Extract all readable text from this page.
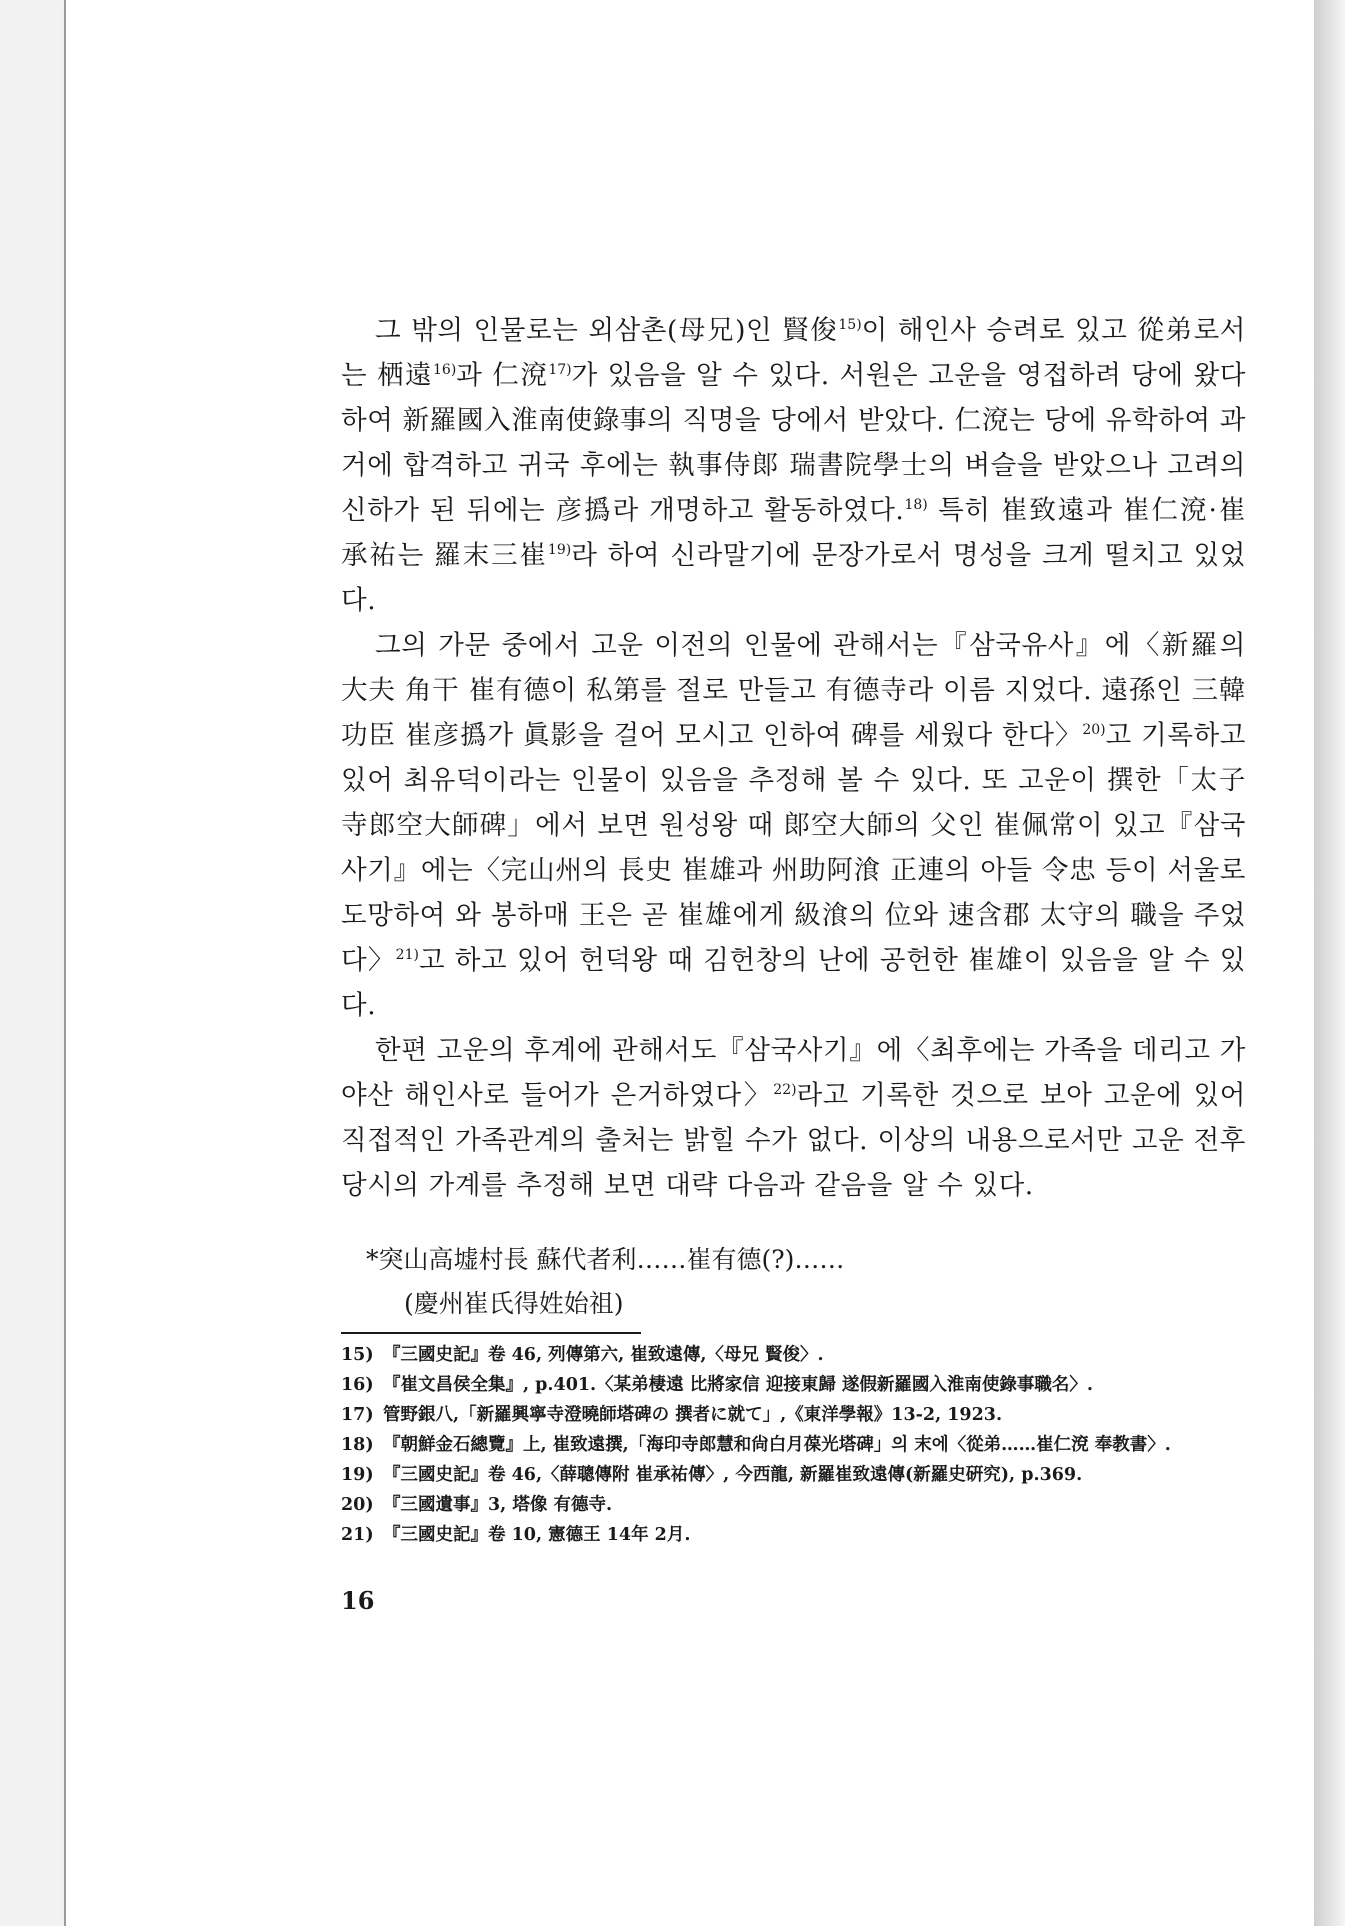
그 밖의 인물로는 외삼촌(母兄)인 賢俊$^{15)}$이 해인사 승려로 있고 從弟로서는 栖遠$^{16)}$과 仁渷$^{17)}$가 있음을 알 수 있다. 서원은 고운을 영접하려 당에 왔다 하여 新羅國入淮南使錄事의 직명을 당에서 받았다. 仁渷는 당에 유학하여 과거에 합격하고 귀국 후에는 執事侍郞 瑞書院學士의 벼슬을 받았으나 고려의 신하가 된 뒤에는 彦撝라 개명하고 활동하였다.$^{18)}$ 특히 崔致遠과 崔仁渷·崔承祐는 羅末三崔$^{19)}$라 하여 신라말기에 문장가로서 명성을 크게 떨치고 있었다.

그의 가문 중에서 고운 이전의 인물에 관해서는『삼국유사』에〈新羅의 大夫 角干 崔有德이 私第를 절로 만들고 有德寺라 이름 지었다. 遠孫인 三韓功臣 崔彦撝가 眞影을 걸어 모시고 인하여 碑를 세웠다 한다〉$^{20)}$고 기록하고 있어 최유덕이라는 인물이 있음을 추정해 볼 수 있다. 또 고운이 撰한「太子寺郎空大師碑」에서 보면 원성왕 때 郞空大師의 父인 崔佩常이 있고『삼국사기』에는〈完山州의 長史 崔雄과 州助阿湌 正連의 아들 令忠 등이 서울로 도망하여 와 봉하매 王은 곧 崔雄에게 級湌의 位와 速含郡 太守의 職을 주었다〉$^{21)}$고 하고 있어 헌덕왕 때 김헌창의 난에 공헌한 崔雄이 있음을 알 수 있다.

한편 고운의 후계에 관해서도『삼국사기』에〈최후에는 가족을 데리고 가야산 해인사로 들어가 은거하였다〉$^{22)}$라고 기록한 것으로 보아 고운에 있어 직접적인 가족관계의 출처는 밝힐 수가 없다. 이상의 내용으로서만 고운 전후 당시의 가계를 추정해 보면 대략 다음과 같음을 알 수 있다.

*突山高墟村長 蘇代者利……崔有德(?)……
(慶州崔氏得姓始祖)
15) 『三國史記』卷 46, 列傳第六, 崔致遠傳,〈母兄 賢俊〉.
16) 『崔文昌侯全集』, p.401.〈某弟棲遠 比將家信 迎接東歸 遂假新羅國入淮南使錄事職名〉.
17) 管野銀八,「新羅興寧寺澄曉師塔碑の 撰者に就て」,《東洋學報》13-2, 1923.
18) 『朝鮮金石總覽』上, 崔致遠撰,「海印寺郎慧和尙白月葆光塔碑」의 末에〈從弟……崔仁渷 奉教書〉.
19) 『三國史記』卷 46,〈薛聰傳附 崔承祐傳〉, 今西龍, 新羅崔致遠傳(新羅史硏究), p.369.
20) 『三國遺事』3, 塔像 有德寺.
21) 『三國史記』卷 10, 憲德王 14年 2月.
16
